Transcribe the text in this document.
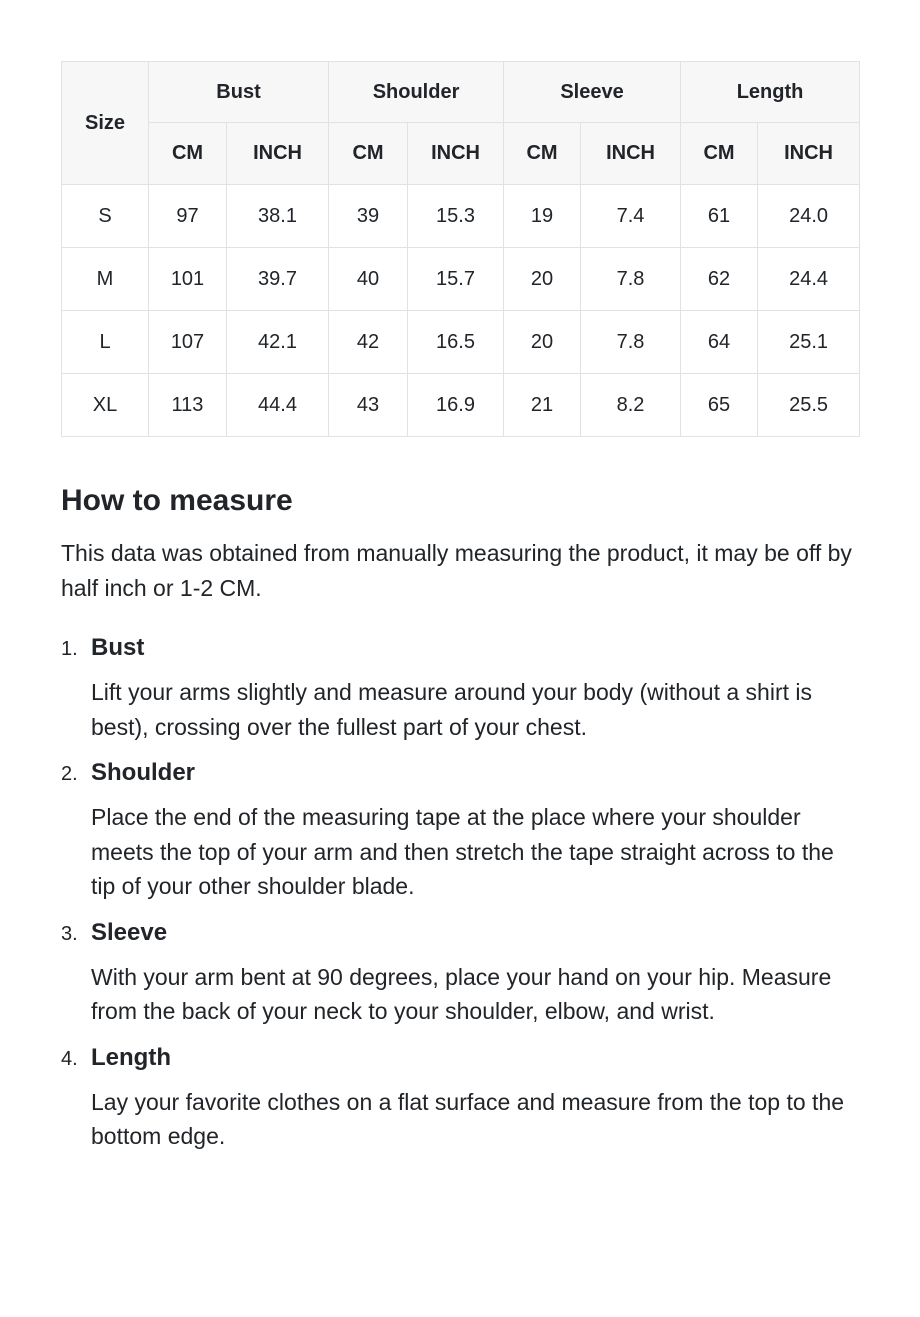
Size	Bust		Shoulder		Sleeve		Length	
	CM	INCH	CM	INCH	CM	INCH	CM	INCH
S	97	38.1	39	15.3	19	7.4	61	24.0
M	101	39.7	40	15.7	20	7.8	62	24.4
L	107	42.1	42	16.5	20	7.8	64	25.1
XL	113	44.4	43	16.9	21	8.2	65	25.5
How to measure

This data was obtained from manually measuring the product, it may be off by half inch or 1-2 CM.

1. Bust
Lift your arms slightly and measure around your body (without a shirt is best), crossing over the fullest part of your chest.
2. Shoulder
Place the end of the measuring tape at the place where your shoulder meets the top of your arm and then stretch the tape straight across to the tip of your other shoulder blade.
3. Sleeve
With your arm bent at 90 degrees, place your hand on your hip. Measure from the back of your neck to your shoulder, elbow, and wrist.
4. Length
Lay your favorite clothes on a flat surface and measure from the top to the bottom edge.
